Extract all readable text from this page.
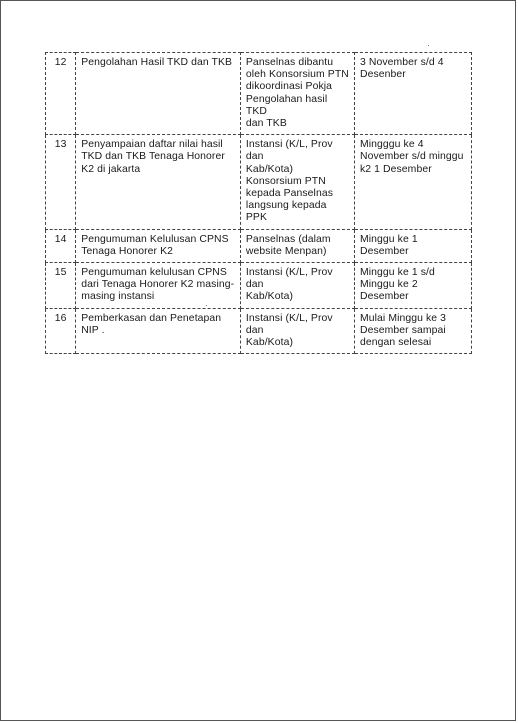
12	Pengolahan Hasil TKD dan TKB	Panselnas dibantu
oleh Konsorsium PTN
dikoordinasi Pokja
Pengolahan hasil TKD
dan TKB	3 November s/d 4
Desenber
13	Penyampaian daftar nilai hasil
TKD dan TKB Tenaga Honorer
K2 di jakarta	Instansi (K/L, Prov dan
Kab/Kota)
Konsorsium PTN
kepada Panselnas
langsung kepada PPK	Mingggu ke 4
November s/d minggu
k2 1 Desember
14	Pengumuman Kelulusan CPNS
Tenaga Honorer K2	Panselnas (dalam
website Menpan)	Minggu ke 1 Desember
15	Pengumuman kelulusan CPNS
dari Tenaga Honorer K2 masing-
masing instansi	Instansi (K/L, Prov dan
Kab/Kota)	Minggu ke 1 s/d
Minggu ke 2 Desember
16	Pemberkasan dan Penetapan
NIP .	Instansi (K/L, Prov dan
Kab/Kota)	Mulai Minggu ke 3
Desember sampai
dengan selesai
